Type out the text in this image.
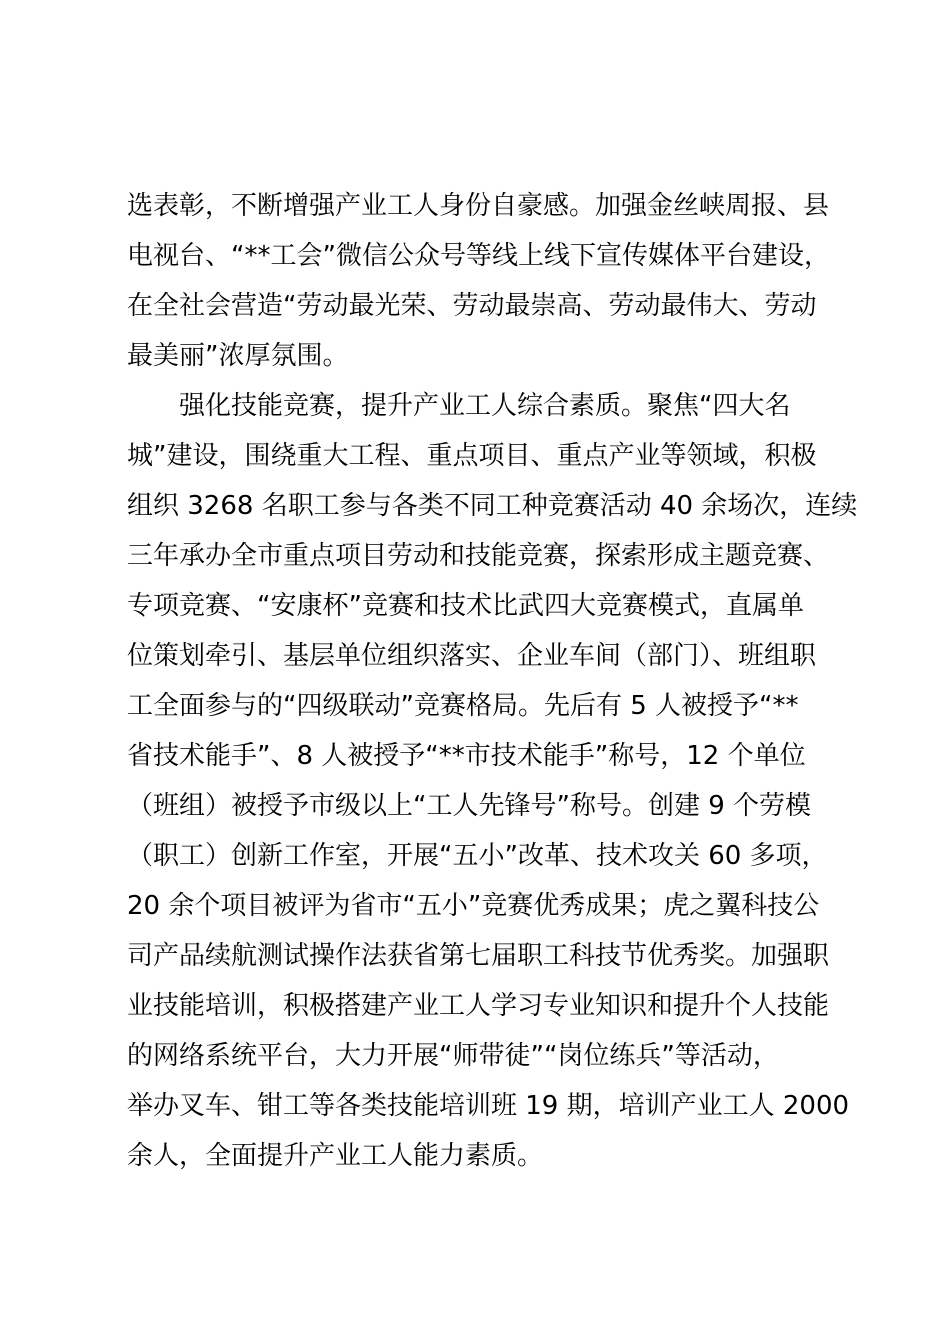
选表彰，不断增强产业工人身份自豪感。加强金丝峡周报、县
电视台、“**工会”微信公众号等线上线下宣传媒体平台建设，
在全社会营造“劳动最光荣、劳动最崇高、劳动最伟大、劳动
最美丽”浓厚氛围。
强化技能竞赛，提升产业工人综合素质。聚焦“四大名
城”建设，围绕重大工程、重点项目、重点产业等领域，积极
组织 3268 名职工参与各类不同工种竞赛活动 40 余场次，连续
三年承办全市重点项目劳动和技能竞赛，探索形成主题竞赛、
专项竞赛、“安康杯”竞赛和技术比武四大竞赛模式，直属单
位策划牵引、基层单位组织落实、企业车间（部门）、班组职
工全面参与的“四级联动”竞赛格局。先后有 5 人被授予“**
省技术能手”、8 人被授予“**市技术能手”称号，12 个单位
（班组）被授予市级以上“工人先锋号”称号。创建 9 个劳模
（职工）创新工作室，开展“五小”改革、技术攻关 60 多项，
20 余个项目被评为省市“五小”竞赛优秀成果；虎之翼科技公
司产品续航测试操作法获省第七届职工科技节优秀奖。加强职
业技能培训，积极搭建产业工人学习专业知识和提升个人技能
的网络系统平台，大力开展“师带徒”“岗位练兵”等活动，
举办叉车、钳工等各类技能培训班 19 期，培训产业工人 2000
余人，全面提升产业工人能力素质。
